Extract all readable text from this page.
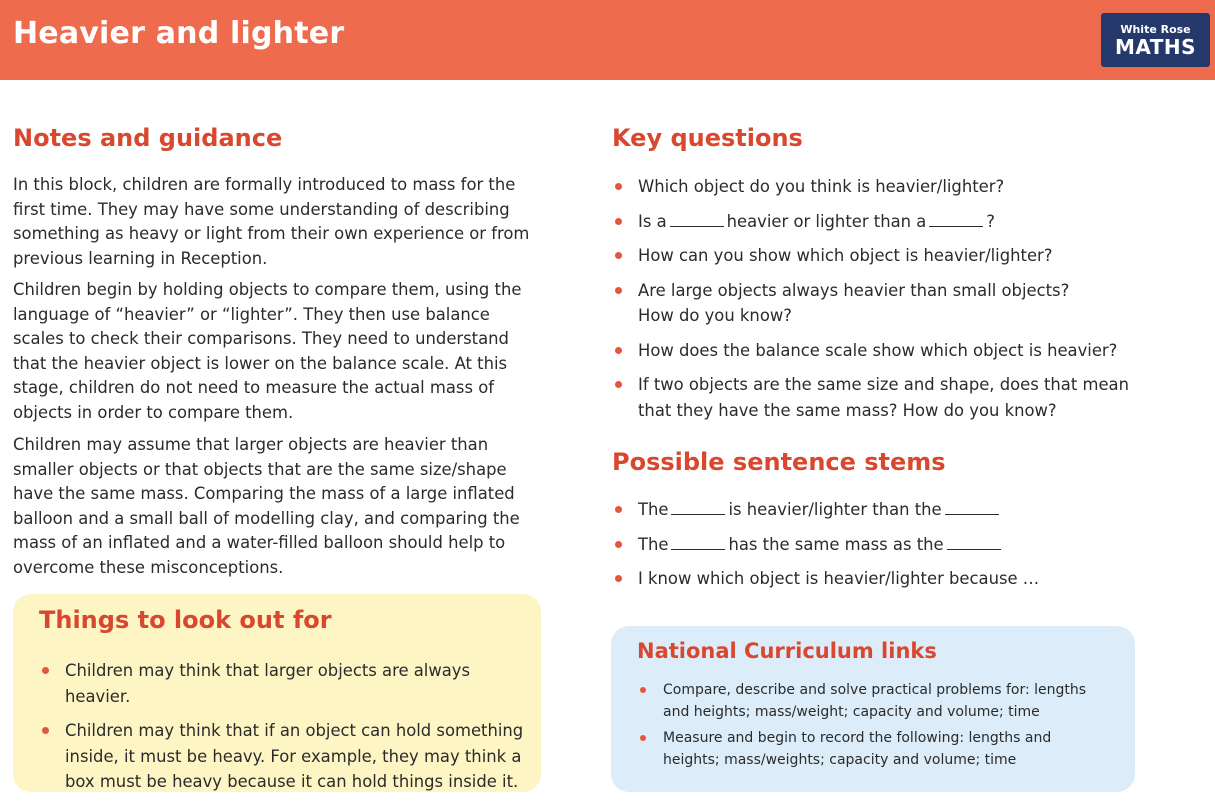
Heavier and lighter	White Rose
MATHS
Notes and guidance

In this block, children are formally introduced to mass for the first time. They may have some understanding of describing something as heavy or light from their own experience or from previous learning in Reception.

Children begin by holding objects to compare them, using the language of “heavier” or “lighter”. They then use balance scales to check their comparisons. They need to understand that the heavier object is lower on the balance scale. At this stage, children do not need to measure the actual mass of objects in order to compare them.

Children may assume that larger objects are heavier than smaller objects or that objects that are the same size/shape have the same mass. Comparing the mass of a large inflated balloon and a small ball of modelling clay, and comparing the mass of an inflated and a water-filled balloon should help to overcome these misconceptions.

Things to look out for
Children may think that larger objects are always heavier.
Children may think that if an object can hold something inside, it must be heavy. For example, they may think a box must be heavy because it can hold things inside it.
Key questions
Which object do you think is heavier/lighter?
Is a	heavier or lighter than a	?
How can you show which object is heavier/lighter?
Are large objects always heavier than small objects? How do you know?
How does the balance scale show which object is heavier?
If two objects are the same size and shape, does that mean that they have the same mass? How do you know?
Possible sentence stems
The	is heavier/lighter than the
The	has the same mass as the
I know which object is heavier/lighter because …
National Curriculum links
Compare, describe and solve practical problems for: lengths and heights; mass/weight; capacity and volume; time
Measure and begin to record the following: lengths and heights; mass/weights; capacity and volume; time
